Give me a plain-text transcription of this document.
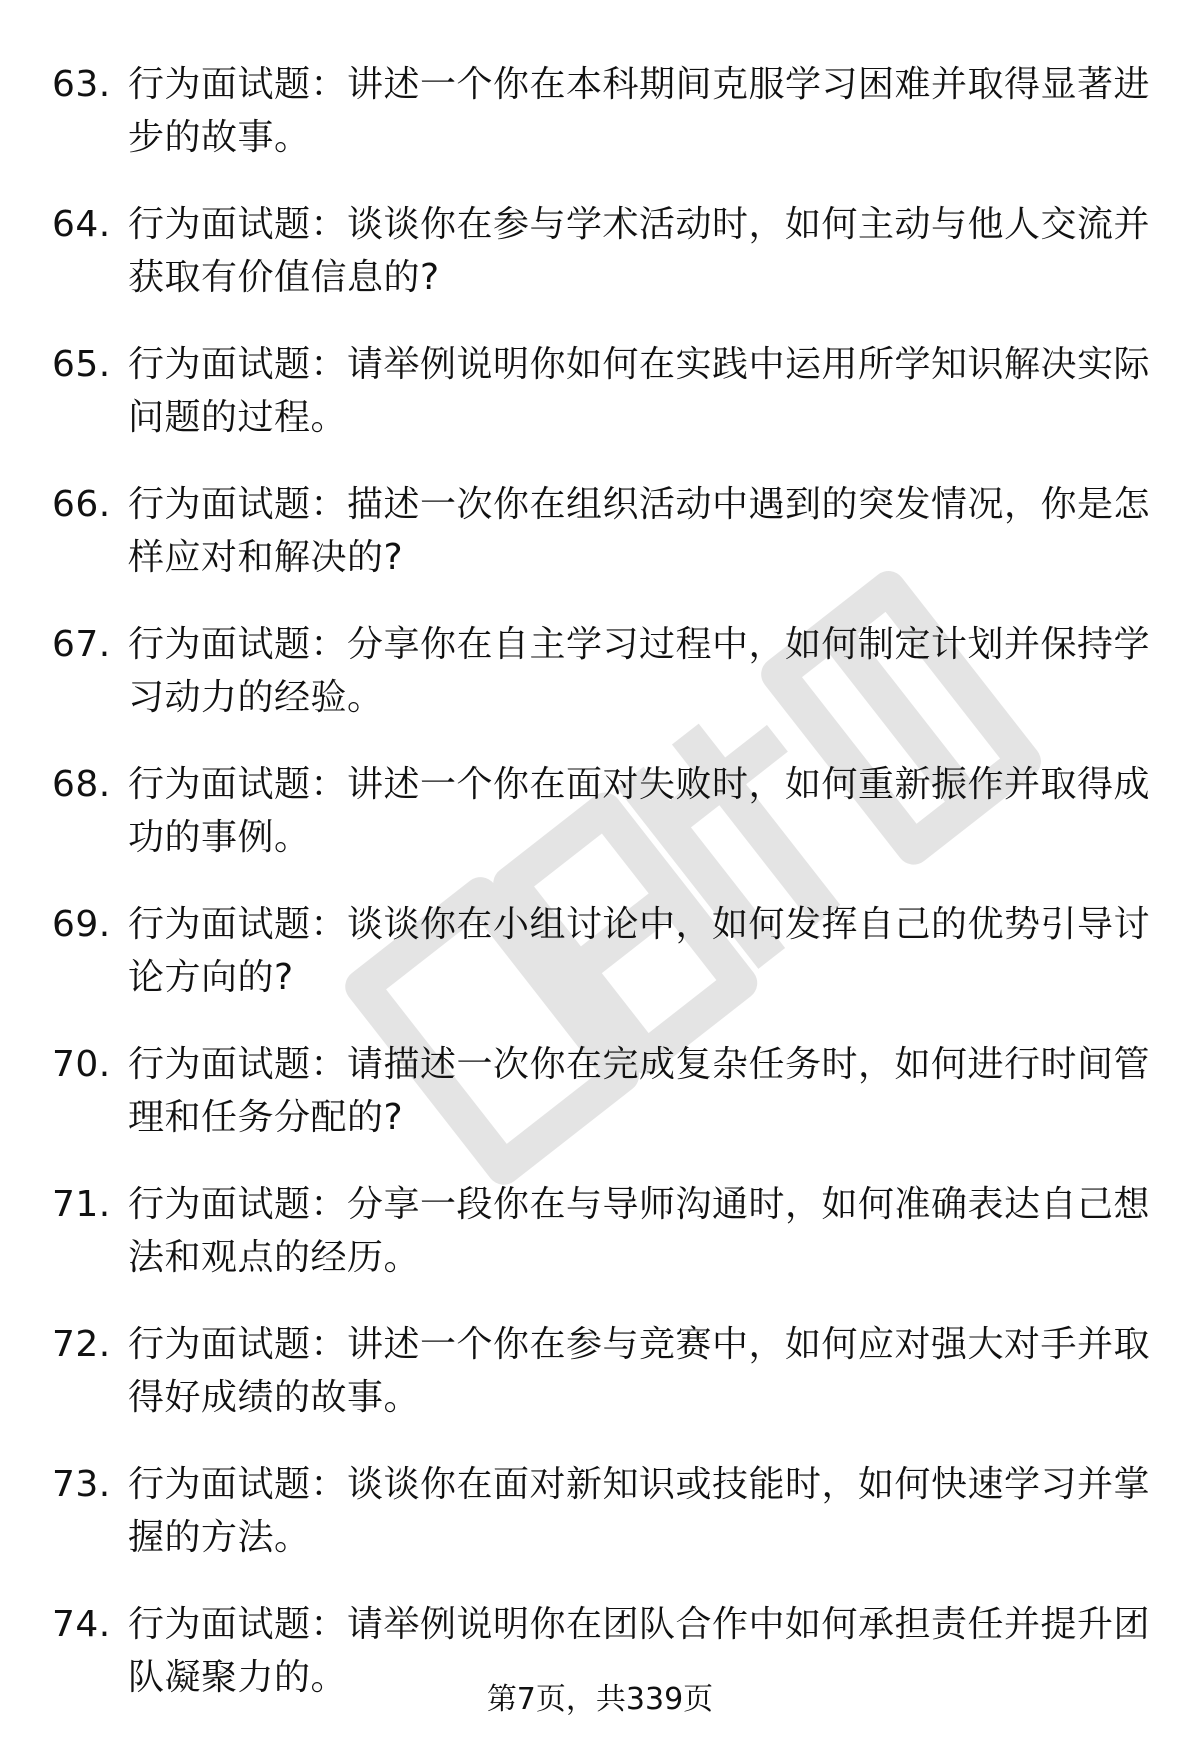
63. 行为面试题：讲述一个你在本科期间克服学习困难并取得显著进步的故事。
64. 行为面试题：谈谈你在参与学术活动时，如何主动与他人交流并获取有价值信息的?
65. 行为面试题：请举例说明你如何在实践中运用所学知识解决实际问题的过程。
66. 行为面试题：描述一次你在组织活动中遇到的突发情况，你是怎样应对和解决的?
67. 行为面试题：分享你在自主学习过程中，如何制定计划并保持学习动力的经验。
68. 行为面试题：讲述一个你在面对失败时，如何重新振作并取得成功的事例。
69. 行为面试题：谈谈你在小组讨论中，如何发挥自己的优势引导讨论方向的?
70. 行为面试题：请描述一次你在完成复杂任务时，如何进行时间管理和任务分配的?
71. 行为面试题：分享一段你在与导师沟通时，如何准确表达自己想法和观点的经历。
72. 行为面试题：讲述一个你在参与竞赛中，如何应对强大对手并取得好成绩的故事。
73. 行为面试题：谈谈你在面对新知识或技能时，如何快速学习并掌握的方法。
74. 行为面试题：请举例说明你在团队合作中如何承担责任并提升团队凝聚力的。
第7页，共339页
